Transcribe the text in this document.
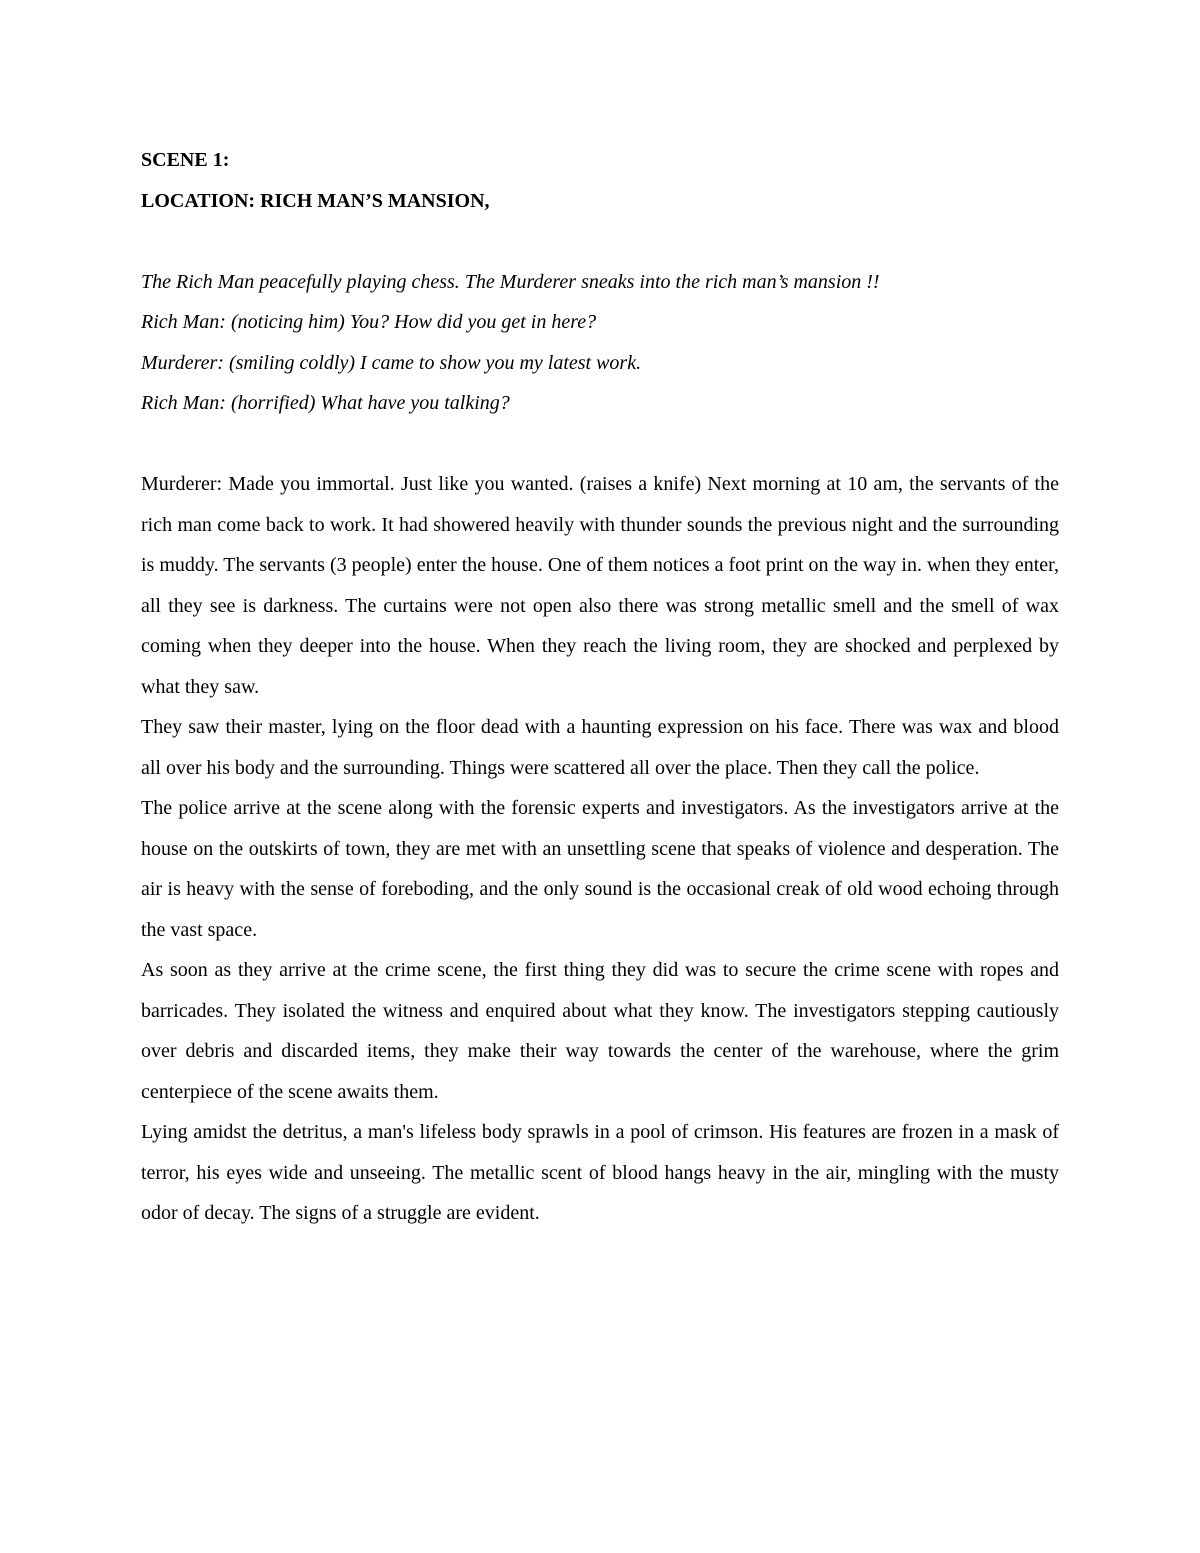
SCENE 1:

LOCATION: RICH MAN’S MANSION,

The Rich Man peacefully playing chess. The Murderer sneaks into the rich man’s mansion !!

Rich Man: (noticing him) You? How did you get in here?

Murderer: (smiling coldly) I came to show you my latest work.

Rich Man: (horrified) What have you talking?

Murderer: Made you immortal. Just like you wanted. (raises a knife) Next morning at 10 am, the servants of the rich man come back to work. It had showered heavily with thunder sounds the previous night and the surrounding is muddy. The servants (3 people) enter the house. One of them notices a foot print on the way in. when they enter, all they see is darkness. The curtains were not open also there was strong metallic smell and the smell of wax coming when they deeper into the house. When they reach the living room, they are shocked and perplexed by what they saw.

They saw their master, lying on the floor dead with a haunting expression on his face. There was wax and blood all over his body and the surrounding. Things were scattered all over the place. Then they call the police.

The police arrive at the scene along with the forensic experts and investigators. As the investigators arrive at the house on the outskirts of town, they are met with an unsettling scene that speaks of violence and desperation. The air is heavy with the sense of foreboding, and the only sound is the occasional creak of old wood echoing through the vast space.

As soon as they arrive at the crime scene, the first thing they did was to secure the crime scene with ropes and barricades. They isolated the witness and enquired about what they know. The investigators stepping cautiously over debris and discarded items, they make their way towards the center of the warehouse, where the grim centerpiece of the scene awaits them.

Lying amidst the detritus, a man's lifeless body sprawls in a pool of crimson. His features are frozen in a mask of terror, his eyes wide and unseeing. The metallic scent of blood hangs heavy in the air, mingling with the musty odor of decay. The signs of a struggle are evident.
